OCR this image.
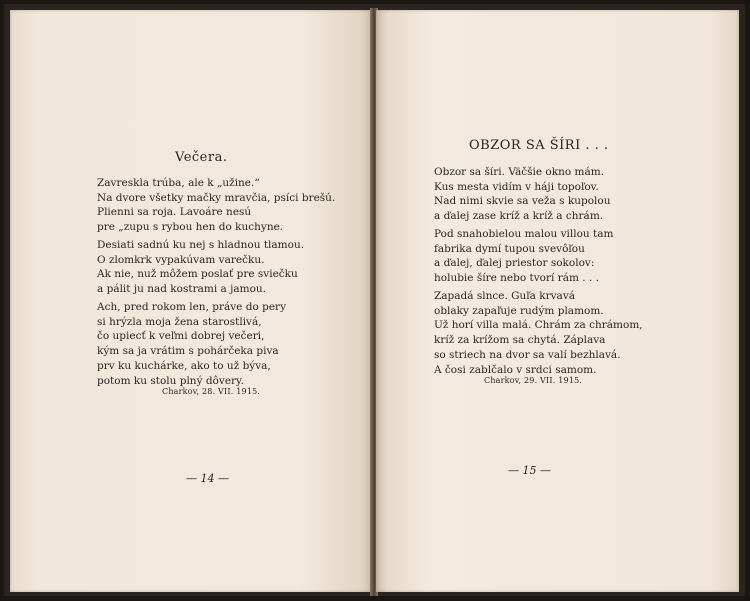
Večera.
Zavreskla trúba, ale k „užine.“
Na dvore všetky mačky mravčia, psíci brešú.
Plienni sa roja. Lavoáre nesú
pre „zupu s rybou hen do kuchyne.
Desiati sadnú ku nej s hladnou tlamou.
O zlomkrk vypakúvam varečku.
Ak nie, nuž môžem poslať pre sviečku
a pálit ju nad kostrami a jamou.
Ach, pred rokom len, práve do pery
si hrýzla moja žena starostlivá,
čo upiecť k veľmi dobrej večeri,
kým sa ja vrátim s pohárčeka piva
prv ku kuchárke, ako to už býva,
potom ku stolu plný dôvery.
Charkov, 28. VII. 1915.
— 14 —
OBZOR SA ŠÍRI . . .
Obzor sa šíri. Väčšie okno mám.
Kus mesta vidím v háji topoľov.
Nad nimi skvie sa veža s kupolou
a ďalej zase kríž a kríž a chrám.
Pod snahobielou malou villou tam
fabrika dymí tupou svevôľou
a ďalej, ďalej priestor sokolov:
holubie šíre nebo tvorí rám . . .
Zapadá slnce. Guľa krvavá
oblaky zapaľuje rudým plamom.
Už horí villa malá. Chrám za chrámom,
kríž za krížom sa chytá. Záplava
so striech na dvor sa valí bezhlavá.
A čosi zablčalo v srdci samom.
Charkov, 29. VII. 1915.
— 15 —
